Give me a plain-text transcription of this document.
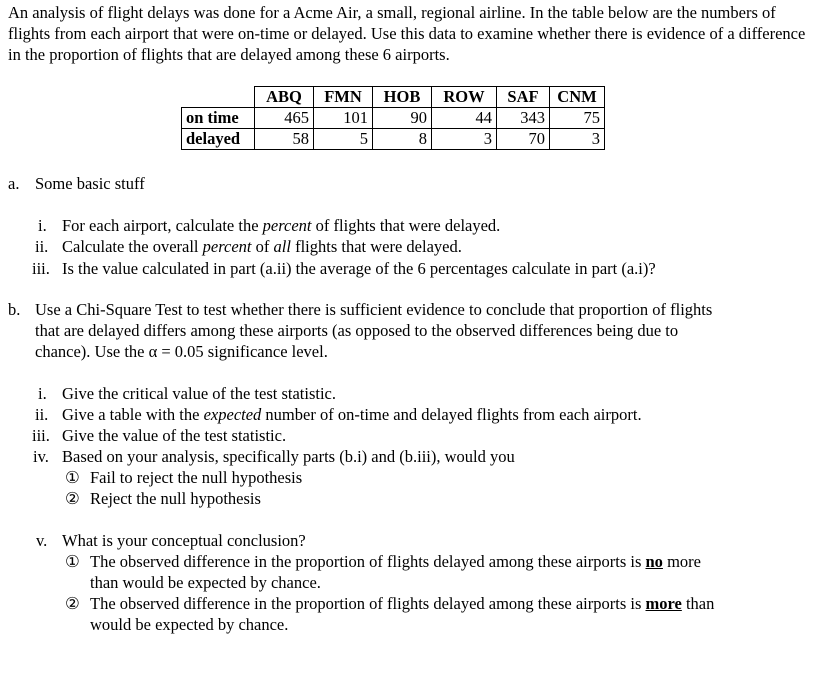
An analysis of flight delays was done for a Acme Air, a small, regional airline. In the table below are the numbers of flights from each airport that were on-time or delayed. Use this data to examine whether there is evidence of a difference in the proportion of flights that are delayed among these 6 airports.

	ABQ	FMN	HOB	ROW	SAF	CNM
on time	465	101	90	44	343	75
delayed	58	5	8	3	70	3
a. Some basic stuff
i. For each airport, calculate the percent of flights that were delayed.
ii. Calculate the overall percent of all flights that were delayed.
iii. Is the value calculated in part (a.ii) the average of the 6 percentages calculate in part (a.i)?
b. Use a Chi-Square Test to test whether there is sufficient evidence to conclude that proportion of flights
that are delayed differs among these airports (as opposed to the observed differences being due to
chance). Use the α = 0.05 significance level.
i. Give the critical value of the test statistic.
ii. Give a table with the expected number of on-time and delayed flights from each airport.
iii. Give the value of the test statistic.
iv. Based on your analysis, specifically parts (b.i) and (b.iii), would you
① Fail to reject the null hypothesis
② Reject the null hypothesis
v. What is your conceptual conclusion?
① The observed difference in the proportion of flights delayed among these airports is no more
than would be expected by chance.
② The observed difference in the proportion of flights delayed among these airports is more than
would be expected by chance.
